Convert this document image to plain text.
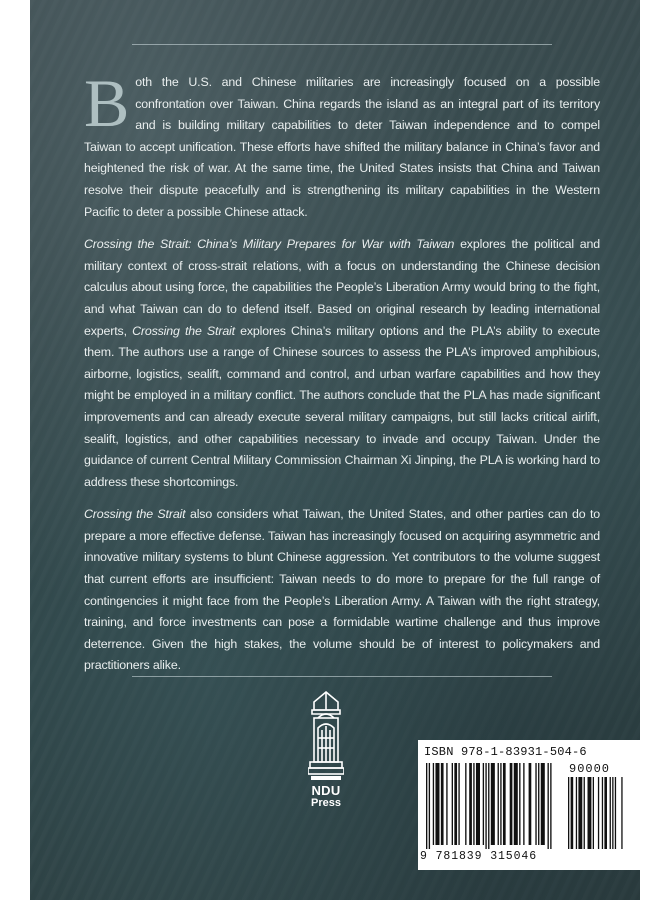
Both the U.S. and Chinese militaries are increasingly focused on a possible confrontation over Taiwan. China regards the island as an integral part of its territory and is building military capabilities to deter Taiwan independence and to compel Taiwan to accept unification. These efforts have shifted the military balance in China’s favor and heightened the risk of war. At the same time, the United States insists that China and Taiwan resolve their dispute peacefully and is strengthening its military capabilities in the Western Pacific to deter a possible Chinese attack.

Crossing the Strait: China’s Military Prepares for War with Taiwan explores the political and military context of cross-strait relations, with a focus on understanding the Chinese decision calculus about using force, the capabilities the People’s Liberation Army would bring to the fight, and what Taiwan can do to defend itself. Based on original research by leading international experts, Crossing the Strait explores China’s military options and the PLA’s ability to execute them. The authors use a range of Chinese sources to assess the PLA’s improved amphibious, airborne, logistics, sealift, command and control, and urban warfare capabilities and how they might be employed in a military conflict. The authors conclude that the PLA has made significant improvements and can already execute several military campaigns, but still lacks critical airlift, sealift, logistics, and other capabilities necessary to invade and occupy Taiwan. Under the guidance of current Central Military Commission Chairman Xi Jinping, the PLA is working hard to address these shortcomings.

Crossing the Strait also considers what Taiwan, the United States, and other parties can do to prepare a more effective defense. Taiwan has increasingly focused on acquiring asymmetric and innovative military systems to blunt Chinese aggression. Yet contributors to the volume suggest that current efforts are insufficient: Taiwan needs to do more to prepare for the full range of contingencies it might face from the People’s Liberation Army. A Taiwan with the right strategy, training, and force investments can pose a formidable wartime challenge and thus improve deterrence. Given the high stakes, the volume should be of interest to policymakers and practitioners alike.

NDU
Press
ISBN 978-1-83931-504-6
90000
9 781839 315046
